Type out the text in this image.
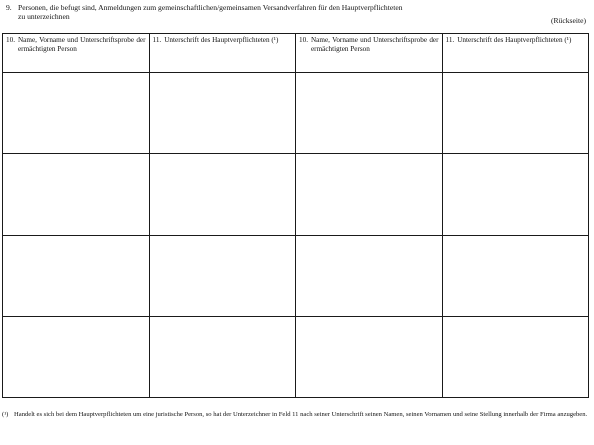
9. Personen, die befugt sind, Anmeldungen zum gemeinschaftlichen/gemeinsamen Versandverfahren für den Hauptverpflichteten
zu unterzeichnen	(Rückseite)
10. Name, Vorname und Unterschriftsprobe der ermächtigten Person	11. Unterschrift des Hauptverpflichteten (¹)	10. Name, Vorname und Unterschriftsprobe der ermächtigten Person	11. Unterschrift des Hauptverpflichteten (¹)

(¹) Handelt es sich bei dem Hauptverpflichteten um eine juristische Person, so hat der Unterzeichner in Feld 11 nach seiner Unterschrift seinen Namen, seinen Vornamen und seine Stellung innerhalb der Firma anzugeben.
